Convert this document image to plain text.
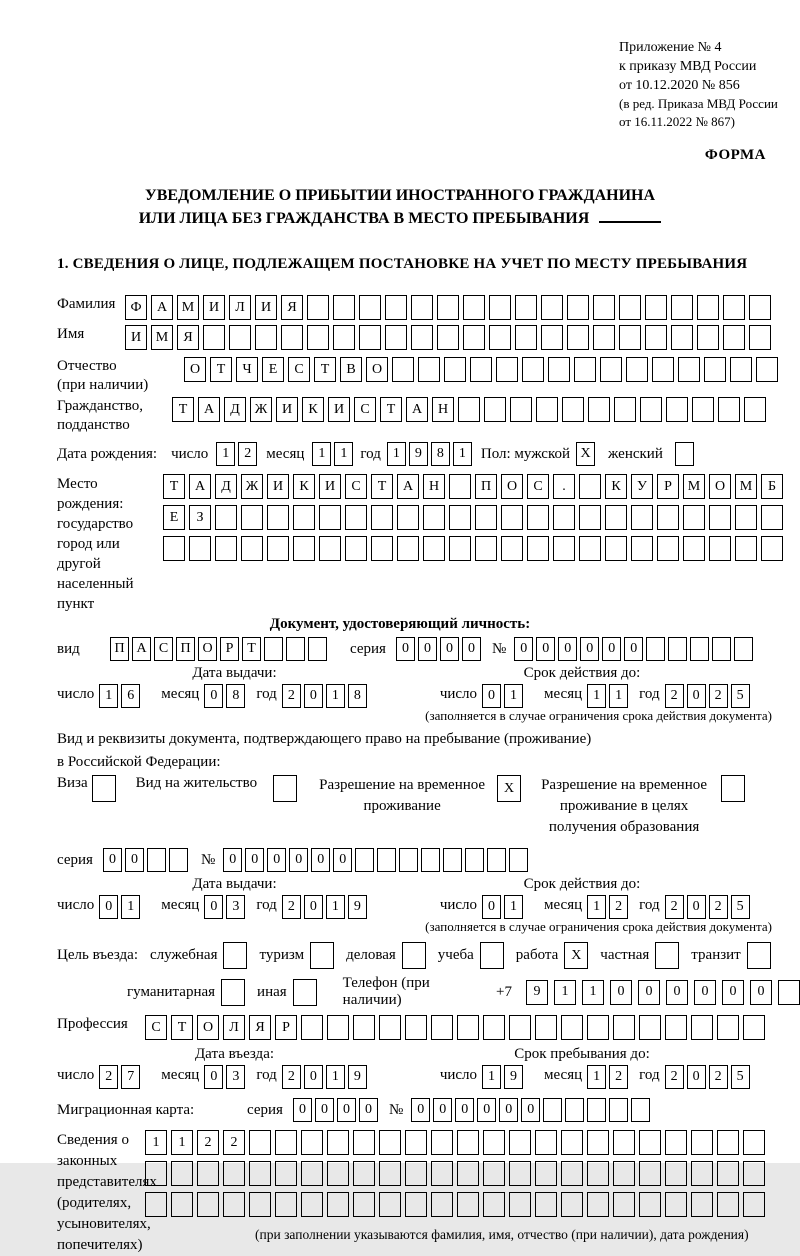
Приложение № 4
к приказу МВД России
от 10.12.2020 № 856
(в ред. Приказа МВД России
от 16.11.2022 № 867)
ФОРМА
УВЕДОМЛЕНИЕ О ПРИБЫТИИ ИНОСТРАННОГО ГРАЖДАНИНА
ИЛИ ЛИЦА БЕЗ ГРАЖДАНСТВА В МЕСТО ПРЕБЫВАНИЯ
1. СВЕДЕНИЯ О ЛИЦЕ, ПОДЛЕЖАЩЕМ ПОСТАНОВКЕ НА УЧЕТ ПО МЕСТУ ПРЕБЫВАНИЯ
Фамилия	Ф	А	М	И	Л	И	Я
Имя	И	М	Я
Отчество
(при наличии)
О	Т	Ч	Е	С	Т	В	О
Гражданство,
подданство
Т	А	Д	Ж	И	К	И	С	Т	А	Н
Дата рождения: число	1	2	месяц	1	1 год 1	9	8	1	Пол: мужской X женский
Место рождения:
государство
город или другой
населенный пункт
Т	А	Д	Ж	И	К	И	С	Т	А	Н	П	О	С	.	К	У	Р	М	О	М	Б

Е	З

Документ, удостоверяющий личность:
вид	П А С П О Р Т	серия	0	0	0	0	№	0	0	0	0	0	0
Дата выдачи:	Срок действия до:
число 1	6	месяц 0	8	год 2	0	1	8	число 0	1	месяц 1	1	год 2	0	2	5
(заполняется в случае ограничения срока действия документа)
Вид и реквизиты документа, подтверждающего право на пребывание (проживание)
в Российской Федерации:
Виза	Вид на жительство	Разрешение на временное
проживание
X	Разрешение на временное
проживание в целях
получения образования
серия	0	0	№	0	0	0	0	0	0
Дата выдачи:	Срок действия до:
число 0	1	месяц 0	3	год 2	0	1	9	число 0	1	месяц 1	2	год 2	0	2	5
(заполняется в случае ограничения срока действия документа)
Цель въезда: служебная	туризм	деловая	учеба	работа X	частная	транзит
гуманитарная	иная
Телефон (при наличии)
+7	9	1	1	0	0	0	0	0	0
Профессия	С	Т	О	Л	Я	Р
Дата въезда:	Срок пребывания до:
число 2	7	месяц 0	3	год 2	0	1	9	число 1	9	месяц 1	2	год 2	0	2	5
Миграционная карта:	серия	0	0	0	0	№	0	0	0	0	0	0
Сведения о
законных
представителях
(родителях,
усыновителях,
попечителях)
1	1	2	2

(при заполнении указываются фамилия, имя, отчество (при наличии), дата рождения)
